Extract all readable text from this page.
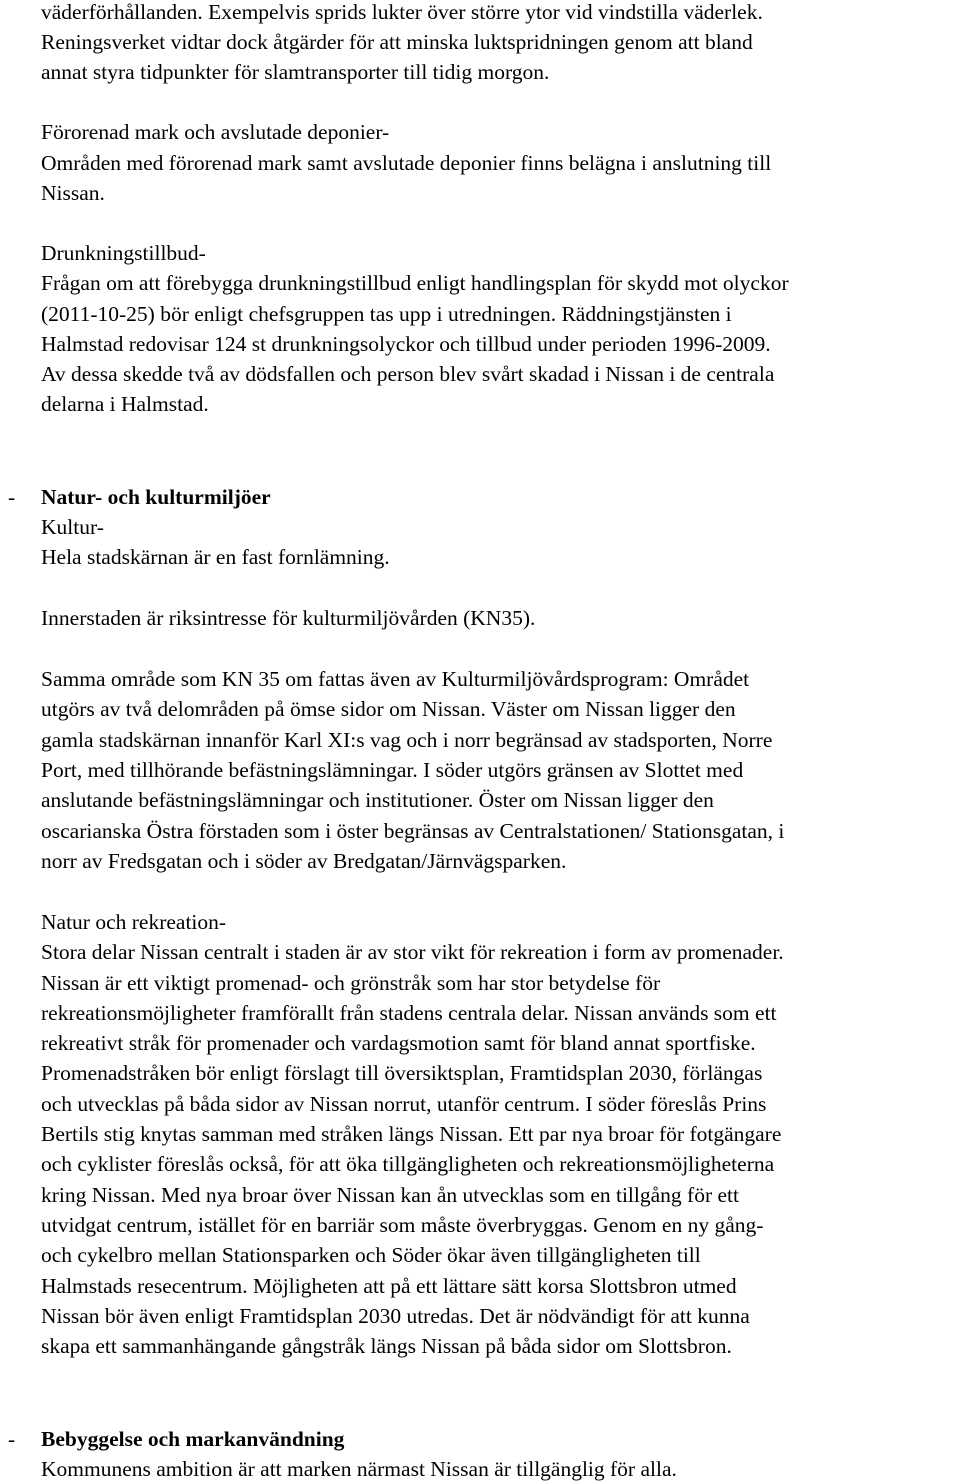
väderförhållanden. Exempelvis sprids lukter över större ytor vid vindstilla väderlek.
Reningsverket vidtar dock åtgärder för att minska luktspridningen genom att bland
annat styra tidpunkter för slamtransporter till tidig morgon.
Förorenad mark och avslutade deponier-
Områden med förorenad mark samt avslutade deponier finns belägna i anslutning till
Nissan.
Drunkningstillbud-
Frågan om att förebygga drunkningstillbud enligt handlingsplan för skydd mot olyckor
(2011-10-25) bör enligt chefsgruppen tas upp i utredningen. Räddningstjänsten i
Halmstad redovisar 124 st drunkningsolyckor och tillbud under perioden 1996-2009.
Av dessa skedde två av dödsfallen och person blev svårt skadad i Nissan i de centrala
delarna i Halmstad.
- Natur- och kulturmiljöer
Kultur-
Hela stadskärnan är en fast fornlämning.
Innerstaden är riksintresse för kulturmiljövården (KN35).
Samma område som KN 35 om fattas även av Kulturmiljövårdsprogram: Området
utgörs av två delområden på ömse sidor om Nissan. Väster om Nissan ligger den
gamla stadskärnan innanför Karl XI:s vag och i norr begränsad av stadsporten, Norre
Port, med tillhörande befästningslämningar. I söder utgörs gränsen av Slottet med
anslutande befästningslämningar och institutioner. Öster om Nissan ligger den
oscarianska Östra förstaden som i öster begränsas av Centralstationen/ Stationsgatan, i
norr av Fredsgatan och i söder av Bredgatan/Järnvägsparken.
Natur och rekreation-
Stora delar Nissan centralt i staden är av stor vikt för rekreation i form av promenader.
Nissan är ett viktigt promenad- och grönstråk som har stor betydelse för
rekreationsmöjligheter framförallt från stadens centrala delar. Nissan används som ett
rekreativt stråk för promenader och vardagsmotion samt för bland annat sportfiske.
Promenadstråken bör enligt förslagt till översiktsplan, Framtidsplan 2030, förlängas
och utvecklas på båda sidor av Nissan norrut, utanför centrum. I söder föreslås Prins
Bertils stig knytas samman med stråken längs Nissan. Ett par nya broar för fotgängare
och cyklister föreslås också, för att öka tillgängligheten och rekreationsmöjligheterna
kring Nissan. Med nya broar över Nissan kan ån utvecklas som en tillgång för ett
utvidgat centrum, istället för en barriär som måste överbryggas. Genom en ny gång-
och cykelbro mellan Stationsparken och Söder ökar även tillgängligheten till
Halmstads resecentrum. Möjligheten att på ett lättare sätt korsa Slottsbron utmed
Nissan bör även enligt Framtidsplan 2030 utredas. Det är nödvändigt för att kunna
skapa ett sammanhängande gångstråk längs Nissan på båda sidor om Slottsbron.
- Bebyggelse och markanvändning
Kommunens ambition är att marken närmast Nissan är tillgänglig för alla.
